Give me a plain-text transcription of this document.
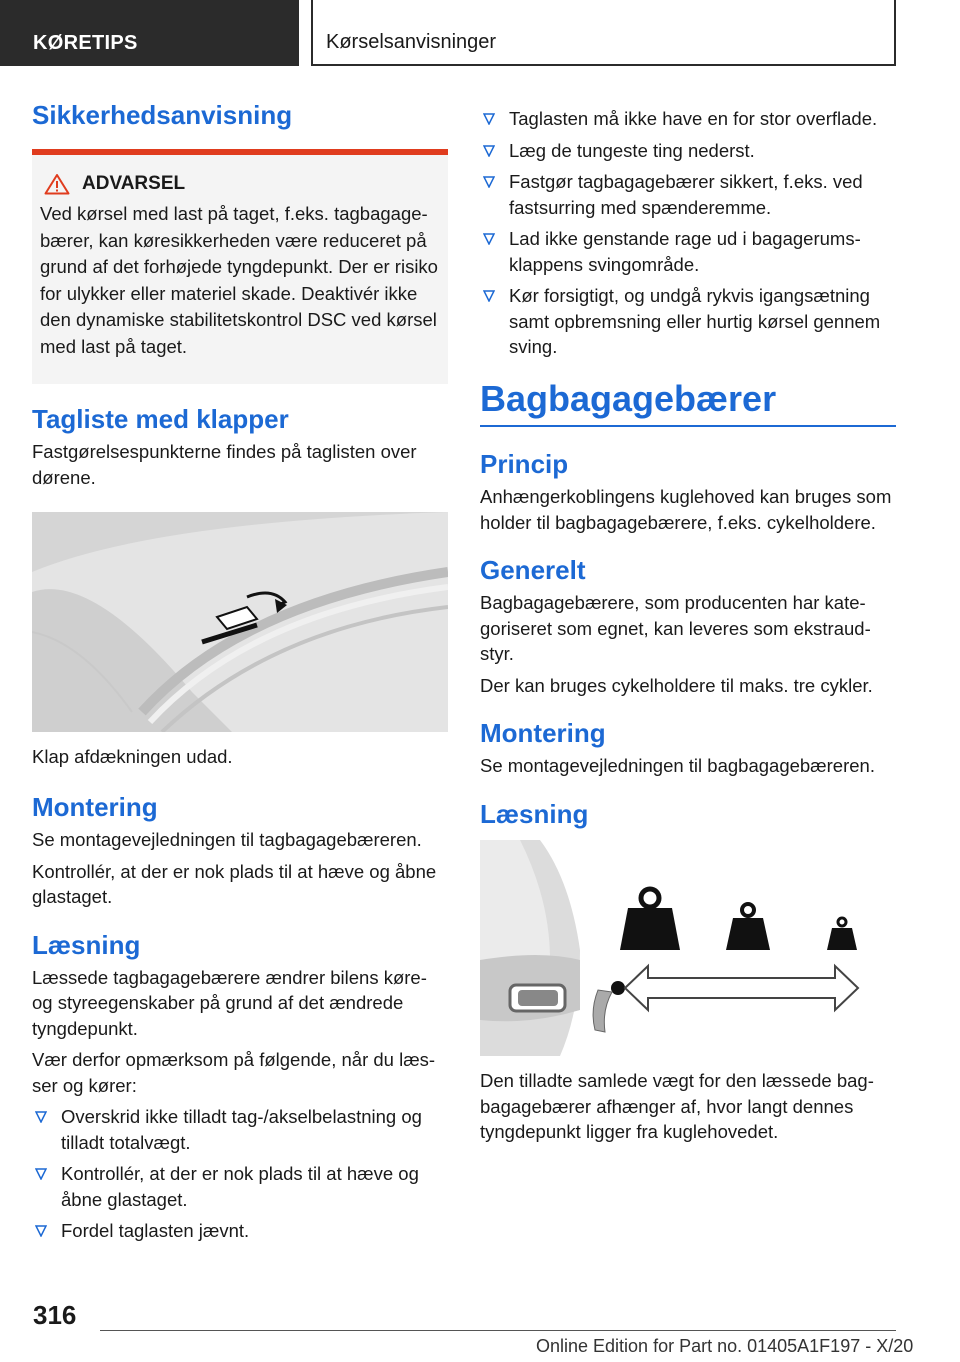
KØRETIPS	Kørselsanvisninger
Sikkerhedsanvisning
ADVARSEL

Ved kørsel med last på taget, f.eks. tagbagagebærer, kan køresikkerheden være reduceret på grund af det forhøjede tyngdepunkt. Der er risiko for ulykker eller materiel skade. Deaktivér ikke den dynamiske stabilitetskontrol DSC ved kørsel med last på taget.

Tagliste med klapper

Fastgørelsespunkterne findes på taglisten over dørene.

Klap afdækningen udad.

Montering

Se montagevejledningen til tagbagagebæreren.

Kontrollér, at der er nok plads til at hæve og åbne glastaget.

Læsning

Læssede tagbagagebærere ændrer bilens køre- og styreegenskaber på grund af det ændrede tyngdepunkt.

Vær derfor opmærksom på følgende, når du læsser og kører:

Overskrid ikke tilladt tag-/akselbelastning og tilladt totalvægt.
Kontrollér, at der er nok plads til at hæve og åbne glastaget.
Fordel taglasten jævnt.
Taglasten må ikke have en for stor overflade.
Læg de tungeste ting nederst.
Fastgør tagbagagebærer sikkert, f.eks. ved fastsurring med spænderemme.
Lad ikke genstande rage ud i bagagerumsklappens svingområde.
Kør forsigtigt, og undgå rykvis igangsætning samt opbremsning eller hurtig kørsel gennem sving.
Bagbagagebærer
Princip

Anhængerkoblingens kuglehoved kan bruges som holder til bagbagagebærere, f.eks. cykelholdere.

Generelt

Bagbagagebærere, som producenten har kategoriseret som egnet, kan leveres som ekstraudstyr.

Der kan bruges cykelholdere til maks. tre cykler.

Montering

Se montagevejledningen til bagbagagebæreren.

Læsning

Den tilladte samlede vægt for den læssede bagbagagebærer afhænger af, hvor langt dennes tyngdepunkt ligger fra kuglehovedet.

316
Online Edition for Part no. 01405A1F197 - X/20
